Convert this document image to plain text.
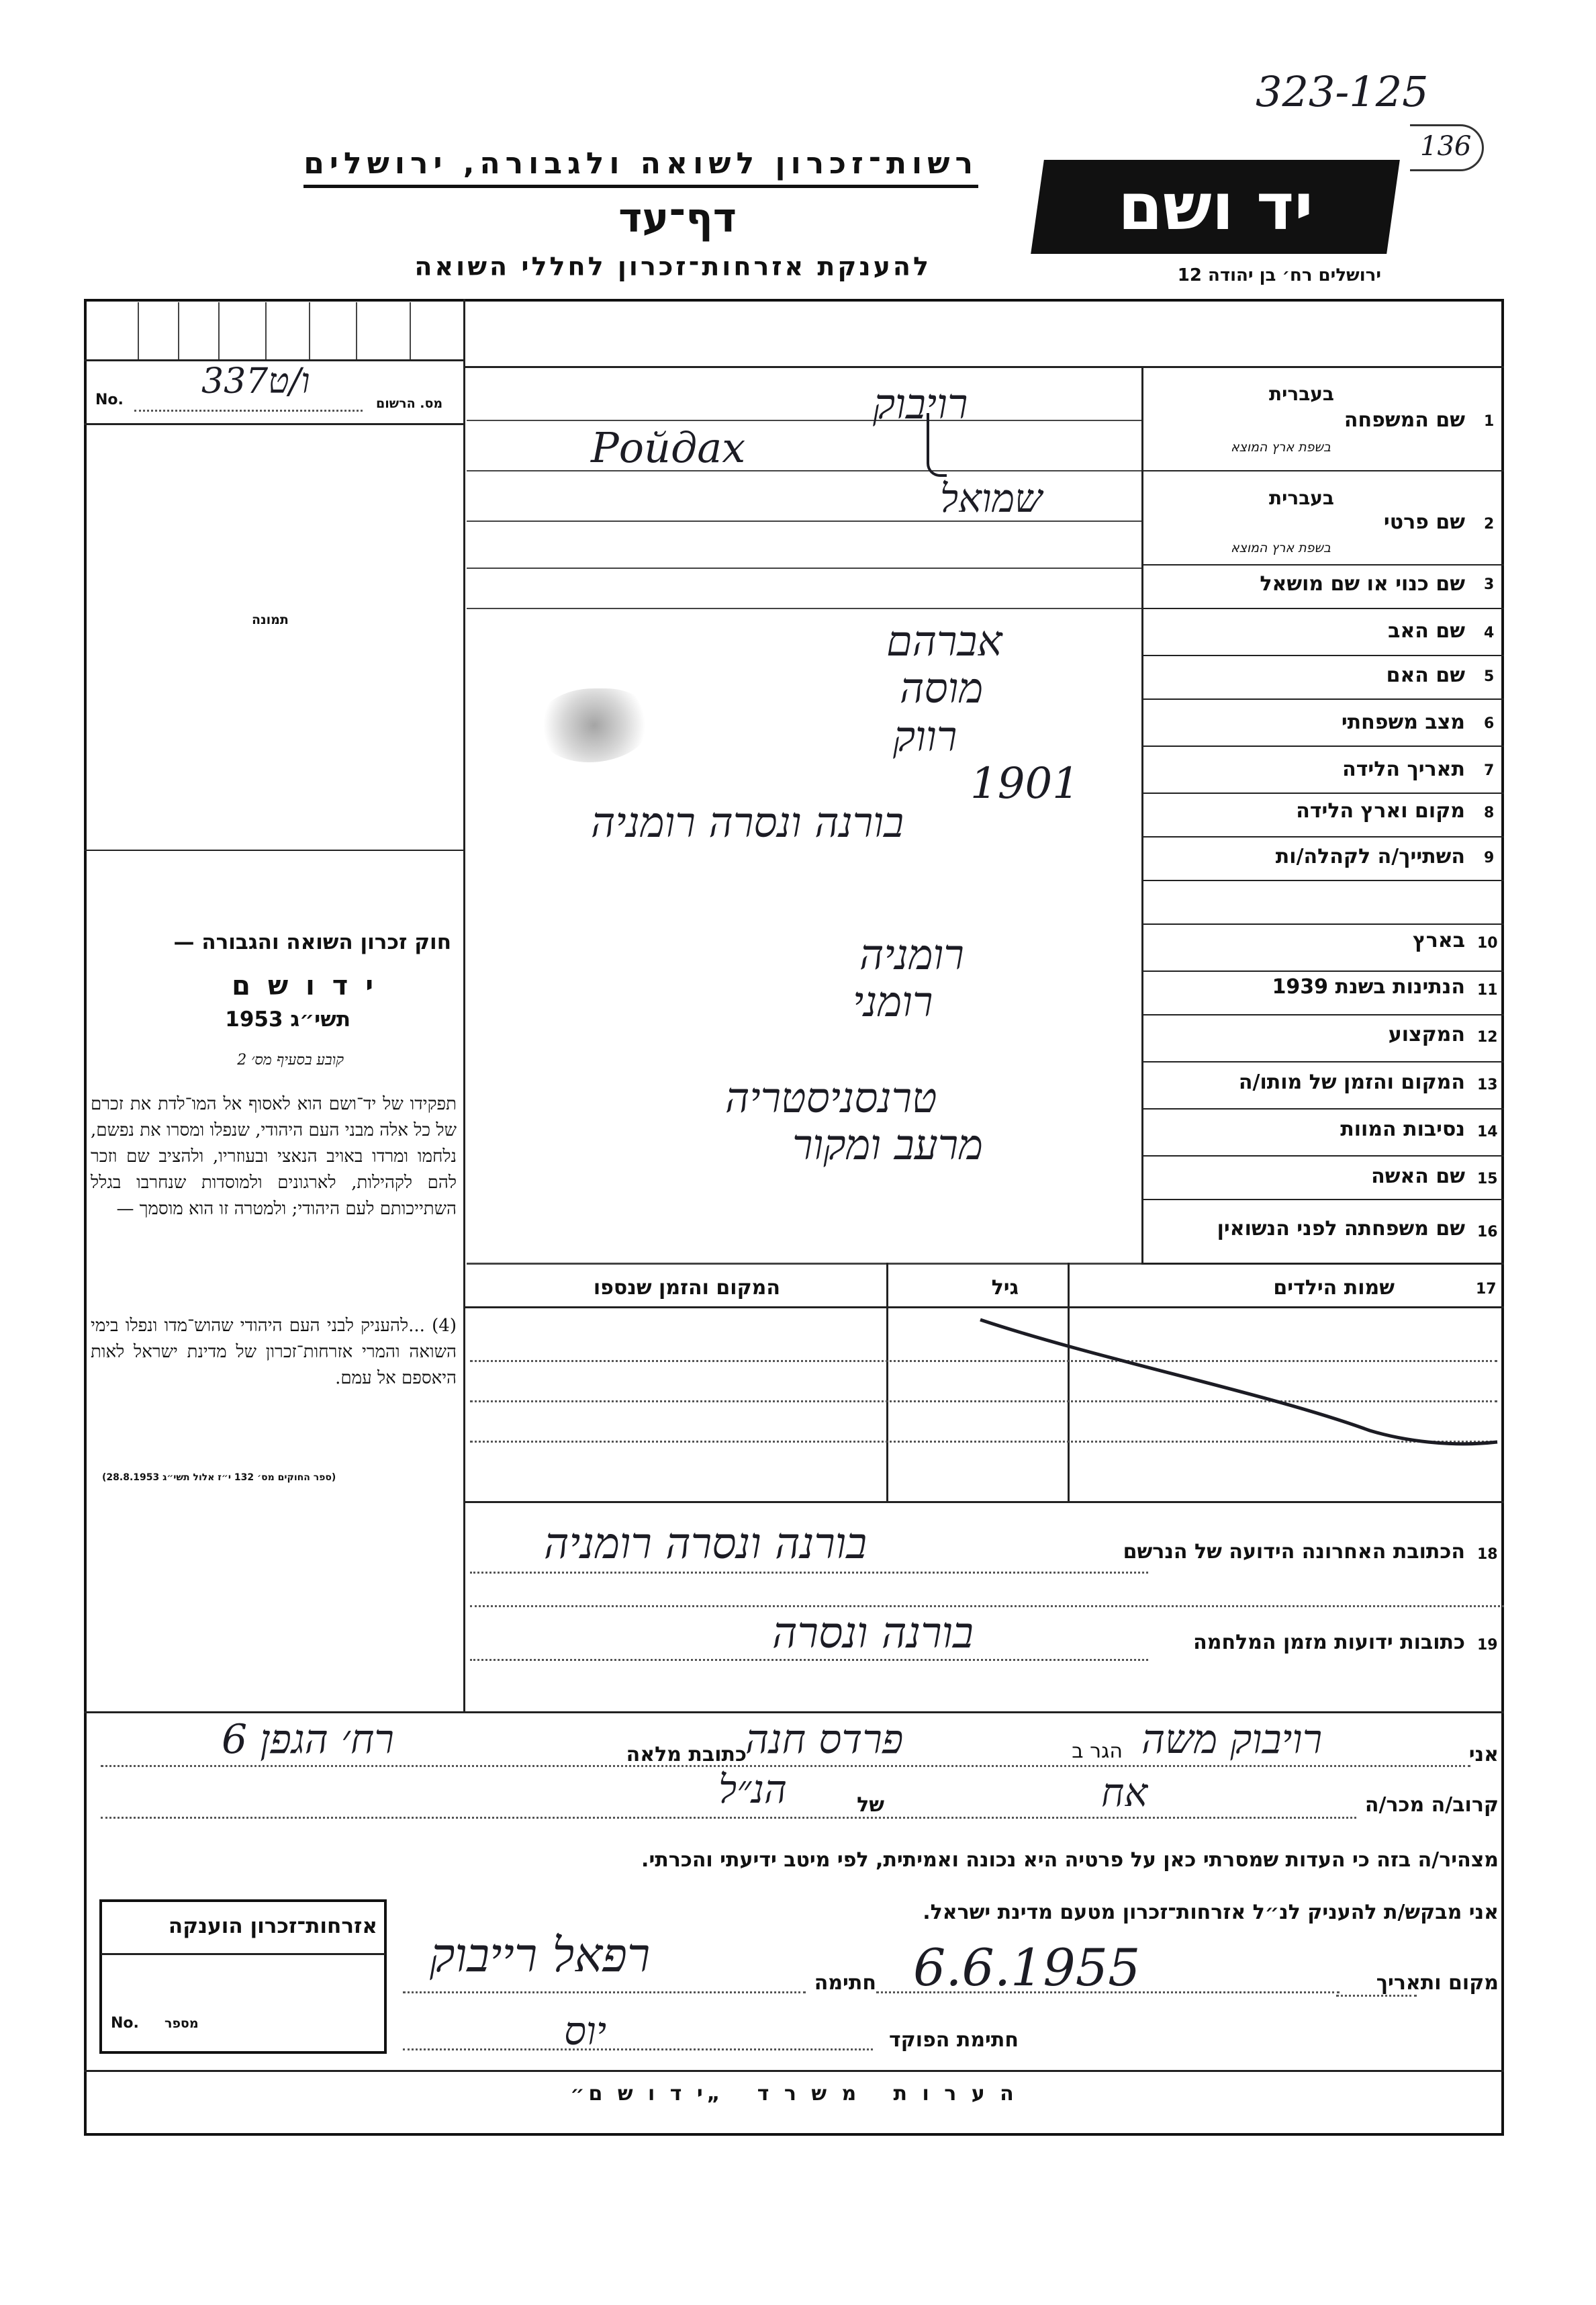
323-125
136
רשות־זכרון לשואה ולגבורה, ירושלים
דף־עד
להענקת אזרחות־זכרון לחללי השואה
יד ושם
ירושלים רח׳ בן יהודה 12
No.	מס. הרשום
337ו/ט
תמונה
חוק זכרון השואה והגבורה —
י ד ו ש ם
תשי״ג 1953
קובע בסעיף מס׳ 2
תפקידו של יד־ושם הוא לאסוף אל המו־לדת את זכרם של כל אלה מבני העם היהודי, שנפלו ומסרו את נפשם, נלחמו ומרדו באויב הנאצי ובעוזריו, ולהציב שם וזכר להם לקהילות, לארגונים ולמוסדות שנחרבו בגלל השתייכותם לעם היהודי; ולמטרה זו הוא מוסמך —
(4) ...להעניק לבני העם היהודי שהוש־מדו ונפלו בימי השואה והמרי אזרחות־זכרון של מדינת ישראל לאות היאספם אל עמם.
(ספר החוקים מס׳ 132 י״ז אלול תשי״ג 28.8.1953)
1
שם המשפחה
בעברית
בשפת ארץ המוצא
רויבוק
Ройдах
2
שם פרטי
בעברית
בשפת ארץ המוצא
שמואל
3
שם כנוי או שם מושאל
4
שם האב
אברהם
5
שם האם
מוסה
6
מצב משפחתי
רווק
7
תאריך הלידה
1901
8
מקום וארץ הלידה
בורנה ונסרה רומניה
9
השתייך/ה לקהלה/ות
10
בארץ
רומניה
11
הנתינות בשנת 1939
רומני
12
המקצוע
13
המקום והזמן של מותו/ה
טרנסניסטריה
14
נסיבות המוות
מרעב ומקור
15
שם האשה
16
שם משפחתה לפני הנשואין
17
שמות הילדים
גיל
המקום והזמן שנספו
18
הכתובת האחרונה הידועה של הנרשם
בורנה ונסרה רומניה
19
כתובות ידועות מזמן המלחמה
בורנה ונסרה
אני
רויבוק משה
הגר ב
פרדס חנה
כתובת מלאה
רח׳ הגפן 6
קרוב/ה מכר/ה
אח
של
הנ״ל
מצהיר/ה בזה כי העדות שמסרתי כאן על פרטיה היא נכונה ואמיתית, לפי מיטב ידיעתי והכרתי.
אני מבקש/ת להעניק לנ״ל אזרחות־זכרון מטעם מדינת ישראל.
מקום ותאריך
6.6.1955
חתימה
רפאל רייבוק
חתימת הפוקד
יוס
אזרחות־זכרון הוענקה
No. מספר
ה ע ר ו ת   מ ש ר ד   „י ד ו ש ם״
